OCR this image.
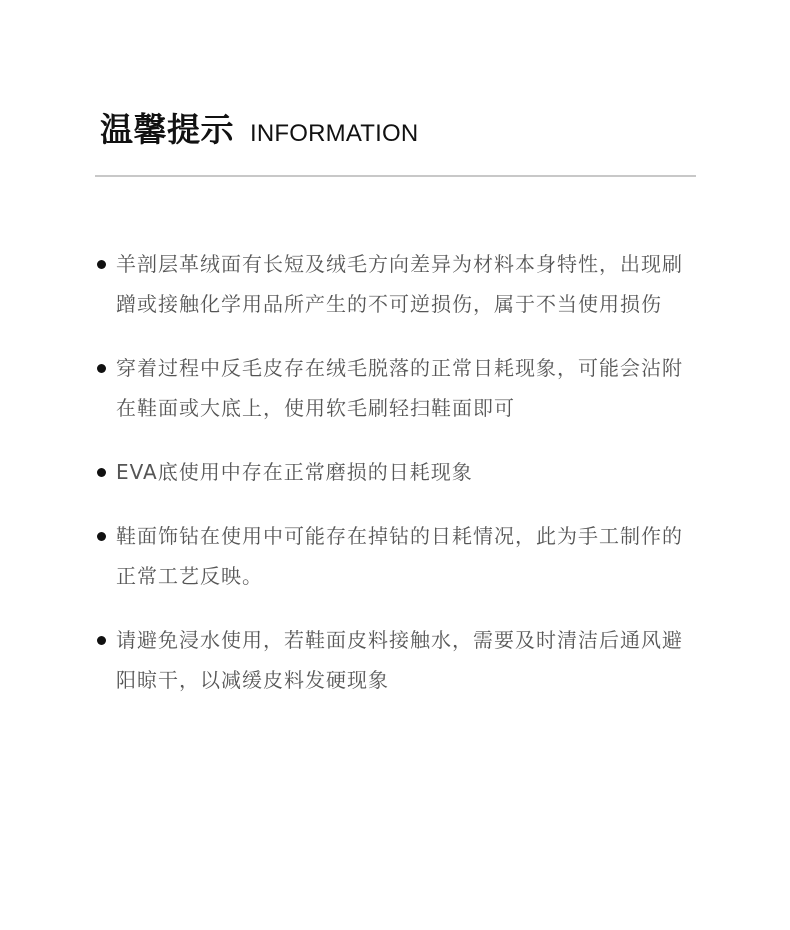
温馨提示 INFORMATION
羊剖层革绒面有长短及绒毛方向差异为材料本身特性，出现刷蹭或接触化学用品所产生的不可逆损伤，属于不当使用损伤
穿着过程中反毛皮存在绒毛脱落的正常日耗现象，可能会沾附在鞋面或大底上，使用软毛刷轻扫鞋面即可
EVA底使用中存在正常磨损的日耗现象
鞋面饰钻在使用中可能存在掉钻的日耗情况，此为手工制作的正常工艺反映。
请避免浸水使用，若鞋面皮料接触水，需要及时清洁后通风避阳晾干，以减缓皮料发硬现象
